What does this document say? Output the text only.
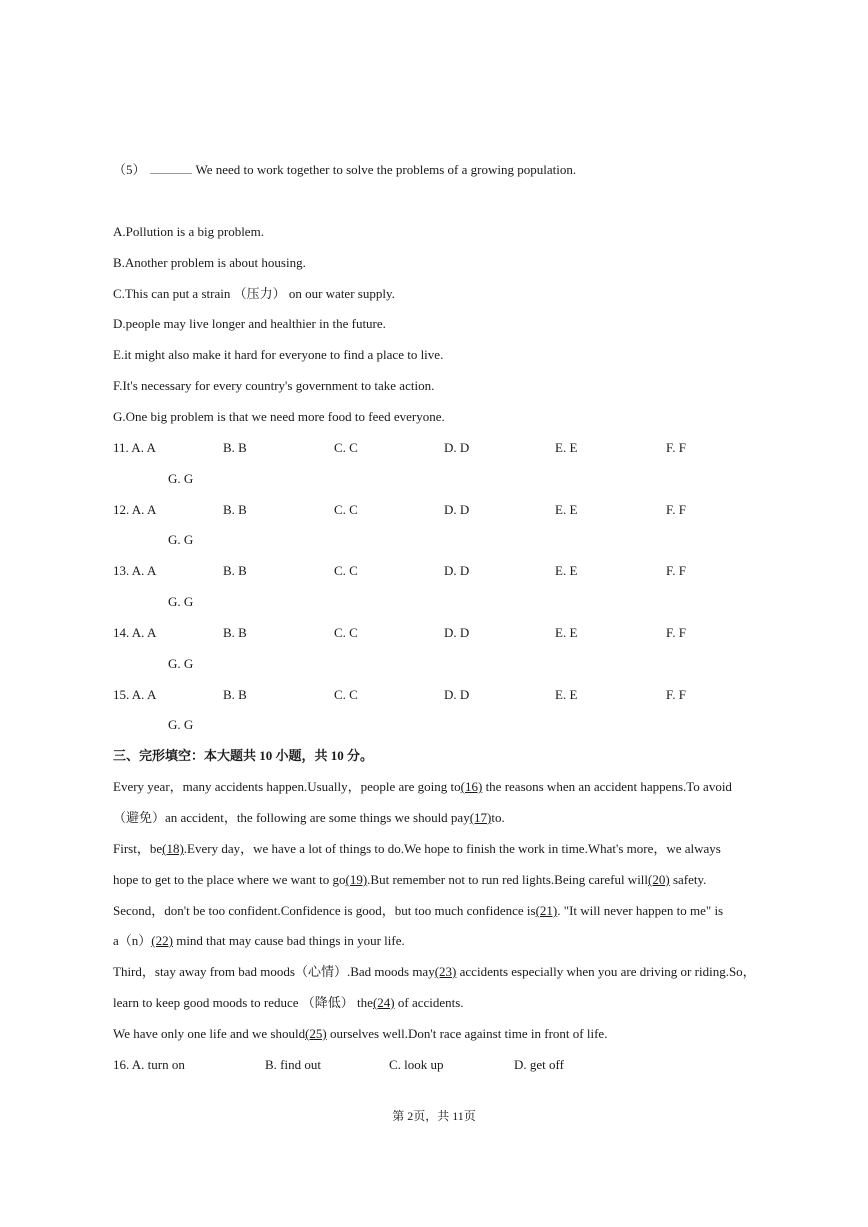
（5）	We need to work together to solve the problems of a growing population.
A.Pollution is a big problem.
B.Another problem is about housing.
C.This can put a strain （压力） on our water supply.
D.people may live longer and healthier in the future.
E.it might also make it hard for everyone to find a place to live.
F.It's necessary for every country's government to take action.
G.One big problem is that we need more food to feed everyone.
11. A. A	B. B	C. C	D. D	E. E	F. F
G. G
12. A. A	B. B	C. C	D. D	E. E	F. F
G. G
13. A. A	B. B	C. C	D. D	E. E	F. F
G. G
14. A. A	B. B	C. C	D. D	E. E	F. F
G. G
15. A. A	B. B	C. C	D. D	E. E	F. F
G. G
三、完形填空：本大题共 10 小题，共 10 分。
Every year，many accidents happen.Usually，people are going to(16) the reasons when an accident happens.To avoid
（避免）an accident，the following are some things we should pay(17)to.
First，be(18).Every day，we have a lot of things to do.We hope to finish the work in time.What's more，we always
hope to get to the place where we want to go(19).But remember not to run red lights.Being careful will(20) safety.
Second，don't be too confident.Confidence is good，but too much confidence is(21). "It will never happen to me" is
a（n）(22) mind that may cause bad things in your life.
Third，stay away from bad moods（心情）.Bad moods may(23) accidents especially when you are driving or riding.So，
learn to keep good moods to reduce （降低） the(24) of accidents.
We have only one life and we should(25) ourselves well.Don't race against time in front of life.
16. A. turn on	B. find out	C. look up	D. get off
第 2页，共 11页
